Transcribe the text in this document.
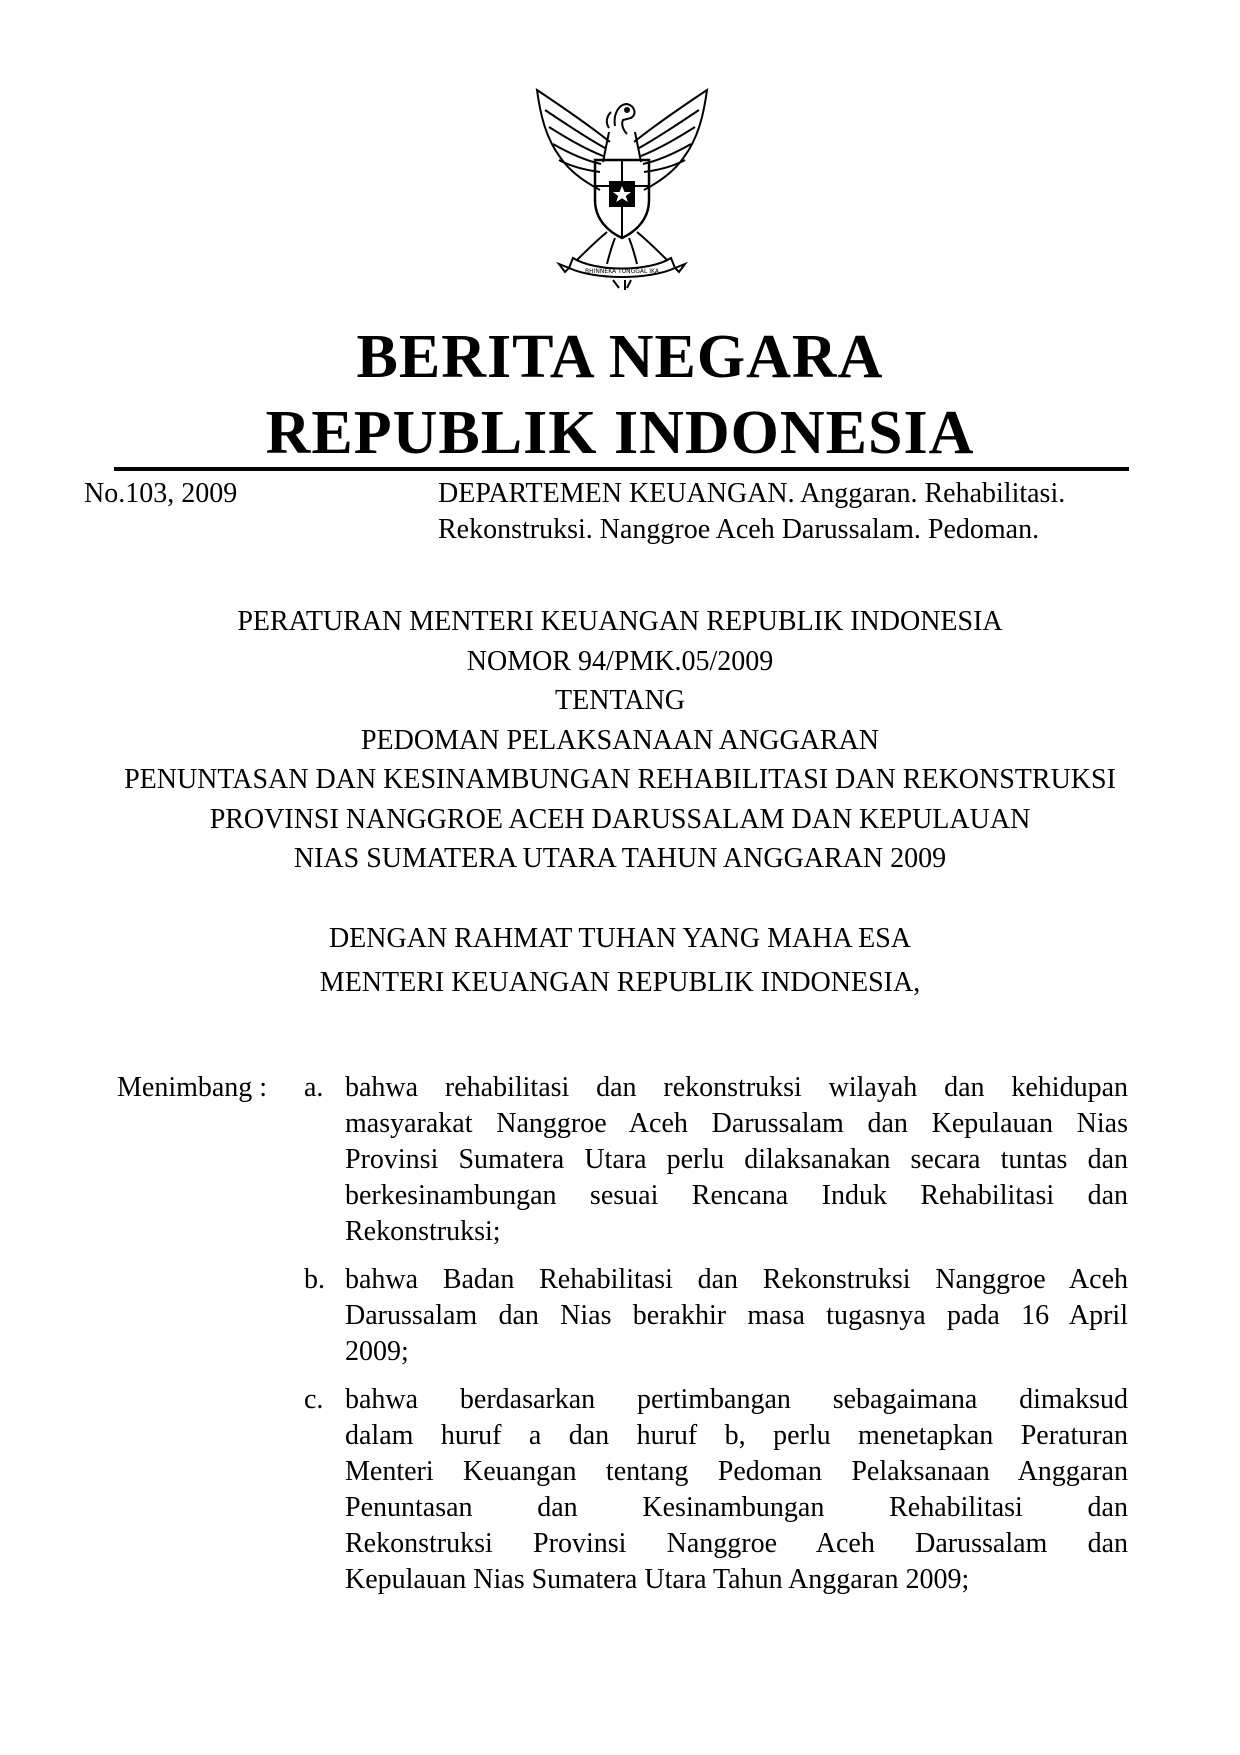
BHINNEKA TUNGGAL IKA
BERITA NEGARA
REPUBLIK INDONESIA
No.103, 2009	DEPARTEMEN KEUANGAN. Anggaran. Rehabilitasi.
Rekonstruksi. Nanggroe Aceh Darussalam. Pedoman.
PERATURAN MENTERI KEUANGAN REPUBLIK INDONESIA
NOMOR 94/PMK.05/2009
TENTANG
PEDOMAN PELAKSANAAN ANGGARAN
PENUNTASAN DAN KESINAMBUNGAN REHABILITASI DAN REKONSTRUKSI
PROVINSI NANGGROE ACEH DARUSSALAM DAN KEPULAUAN
NIAS SUMATERA UTARA TAHUN ANGGARAN 2009
DENGAN RAHMAT TUHAN YANG MAHA ESA
MENTERI KEUANGAN REPUBLIK INDONESIA,
Menimbang : a. bahwa rehabilitasi dan rekonstruksi wilayah dan kehidupan
masyarakat Nanggroe Aceh Darussalam dan Kepulauan Nias
Provinsi Sumatera Utara perlu dilaksanakan secara tuntas dan
berkesinambungan sesuai Rencana Induk Rehabilitasi dan
Rekonstruksi;
b. bahwa Badan Rehabilitasi dan Rekonstruksi Nanggroe Aceh
Darussalam dan Nias berakhir masa tugasnya pada 16 April
2009;
c. bahwa berdasarkan pertimbangan sebagaimana dimaksud
dalam huruf a dan huruf b, perlu menetapkan Peraturan
Menteri Keuangan tentang Pedoman Pelaksanaan Anggaran
Penuntasan dan Kesinambungan Rehabilitasi dan
Rekonstruksi Provinsi Nanggroe Aceh Darussalam dan
Kepulauan Nias Sumatera Utara Tahun Anggaran 2009;
